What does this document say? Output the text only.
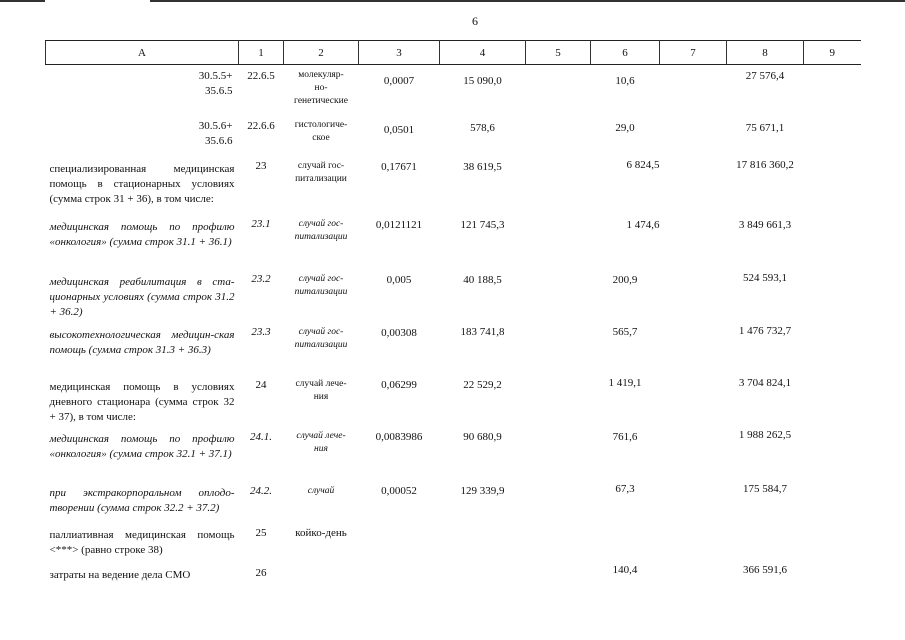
6
A	1	2	3	4	5	6	7	8	9
30.5.5+
35.6.5	22.6.5	молекуляр-
но-
генетические	0,0007	15 090,0		10,6		27 576,4	
30.5.6+
35.6.6	22.6.6	гистологиче-
ское	0,0501	578,6		29,0		75 671,1	
специализированная медицинская помощь в стационарных условиях (сумма строк 31 + 36), в том числе:	23	случай гос-
питализации	0,17671	38 619,5		6 824,5		17 816 360,2	
медицинская помощь по профилю «онкология» (сумма строк 31.1 + 36.1)	23.1	случай гос-
питализации	0,0121121	121 745,3		1 474,6		3 849 661,3	
медицинская реабилитация в ста-ционарных условиях (сумма строк 31.2 + 36.2)	23.2	случай гос-
питализации	0,005	40 188,5		200,9		524 593,1	
высокотехнологическая медицин-ская помощь (сумма строк 31.3 + 36.3)	23.3	случай гос-
питализации	0,00308	183 741,8		565,7		1 476 732,7	
медицинская помощь в условиях дневного стационара (сумма строк 32 + 37), в том числе:	24	случай лече-
ния	0,06299	22 529,2		1 419,1		3 704 824,1	
медицинская помощь по профилю «онкология» (сумма строк 32.1 + 37.1)	24.1.	случай лече-
ния	0,0083986	90 680,9		761,6		1 988 262,5	
при экстракорпоральном оплодо-творении (сумма строк 32.2 + 37.2)	24.2.	случай	0,00052	129 339,9		67,3		175 584,7	
паллиативная медицинская помощь <***> (равно строке 38)	25	койко-день							
затраты на ведение дела СМО	26					140,4		366 591,6	
